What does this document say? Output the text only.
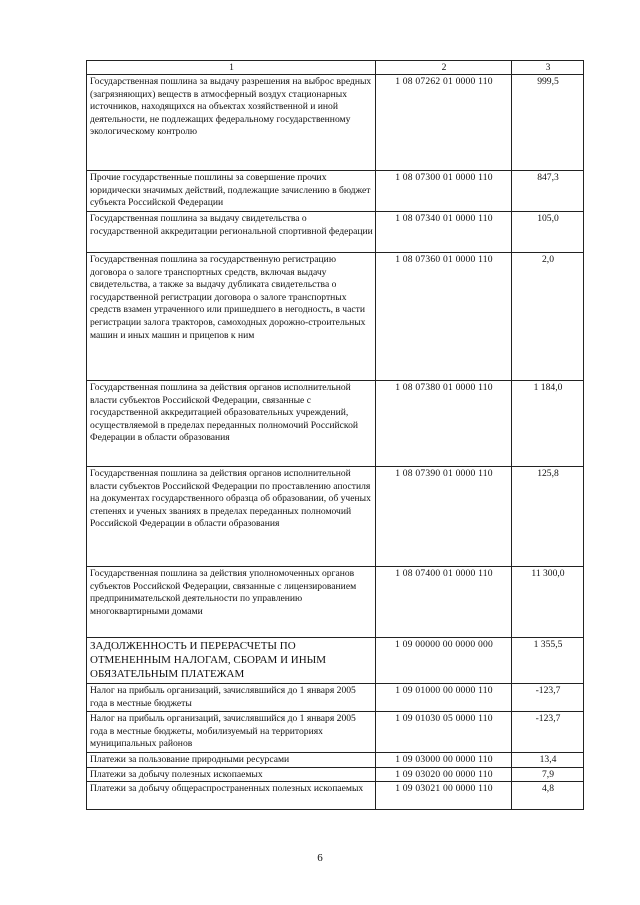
1	2	3
Государственная пошлина за выдачу разрешения на выброс вредных (загрязняющих) веществ в атмосферный воздух стационарных источников, находящихся на объектах хозяйственной и иной деятельности, не подлежащих федеральному государственному экологическому контролю	1 08 07262 01 0000 110	999,5
Прочие государственные пошлины за совершение прочих юридически значимых действий, подлежащие зачислению в бюджет субъекта Российской Федерации	1 08 07300 01 0000 110	847,3
Государственная пошлина за выдачу свидетельства о государственной аккредитации региональной спортивной федерации	1 08 07340 01 0000 110	105,0
Государственная пошлина за государственную регистрацию договора о залоге транспортных средств, включая выдачу свидетельства, а также за выдачу дубликата свидетельства о государственной регистрации договора о залоге транспортных средств взамен утраченного или пришедшего в негодность, в части регистрации залога тракторов, самоходных дорожно-строительных машин и иных машин и прицепов к ним	1 08 07360 01 0000 110	2,0
Государственная пошлина за действия органов исполнительной власти субъектов Российской Федерации, связанные с государственной аккредитацией образовательных учреждений, осуществляемой в пределах переданных полномочий Российской Федерации в области образования	1 08 07380 01 0000 110	1 184,0
Государственная пошлина за действия органов исполнительной власти субъектов Российской Федерации по проставлению апостиля на документах государственного образца об образовании, об ученых степенях и ученых званиях в пределах переданных полномочий Российской Федерации в области образования	1 08 07390 01 0000 110	125,8
Государственная пошлина за действия уполномоченных органов субъектов Российской Федерации, связанные с лицензированием предпринимательской деятельности по управлению многоквартирными домами	1 08 07400 01 0000 110	11 300,0
ЗАДОЛЖЕННОСТЬ И ПЕРЕРАСЧЕТЫ ПО ОТМЕНЕННЫМ НАЛОГАМ, СБОРАМ И ИНЫМ ОБЯЗАТЕЛЬНЫМ ПЛАТЕЖАМ	1 09 00000 00 0000 000	1 355,5
Налог на прибыль организаций, зачислявшийся до 1 января 2005 года в местные бюджеты	1 09 01000 00 0000 110	-123,7
Налог на прибыль организаций, зачислявшийся до 1 января 2005 года в местные бюджеты, мобилизуемый на территориях муниципальных районов	1 09 01030 05 0000 110	-123,7
Платежи за пользование природными ресурсами	1 09 03000 00 0000 110	13,4
Платежи за добычу полезных ископаемых	1 09 03020 00 0000 110	7,9
Платежи за добычу общераспространенных полезных ископаемых	1 09 03021 00 0000 110	4,8
6
